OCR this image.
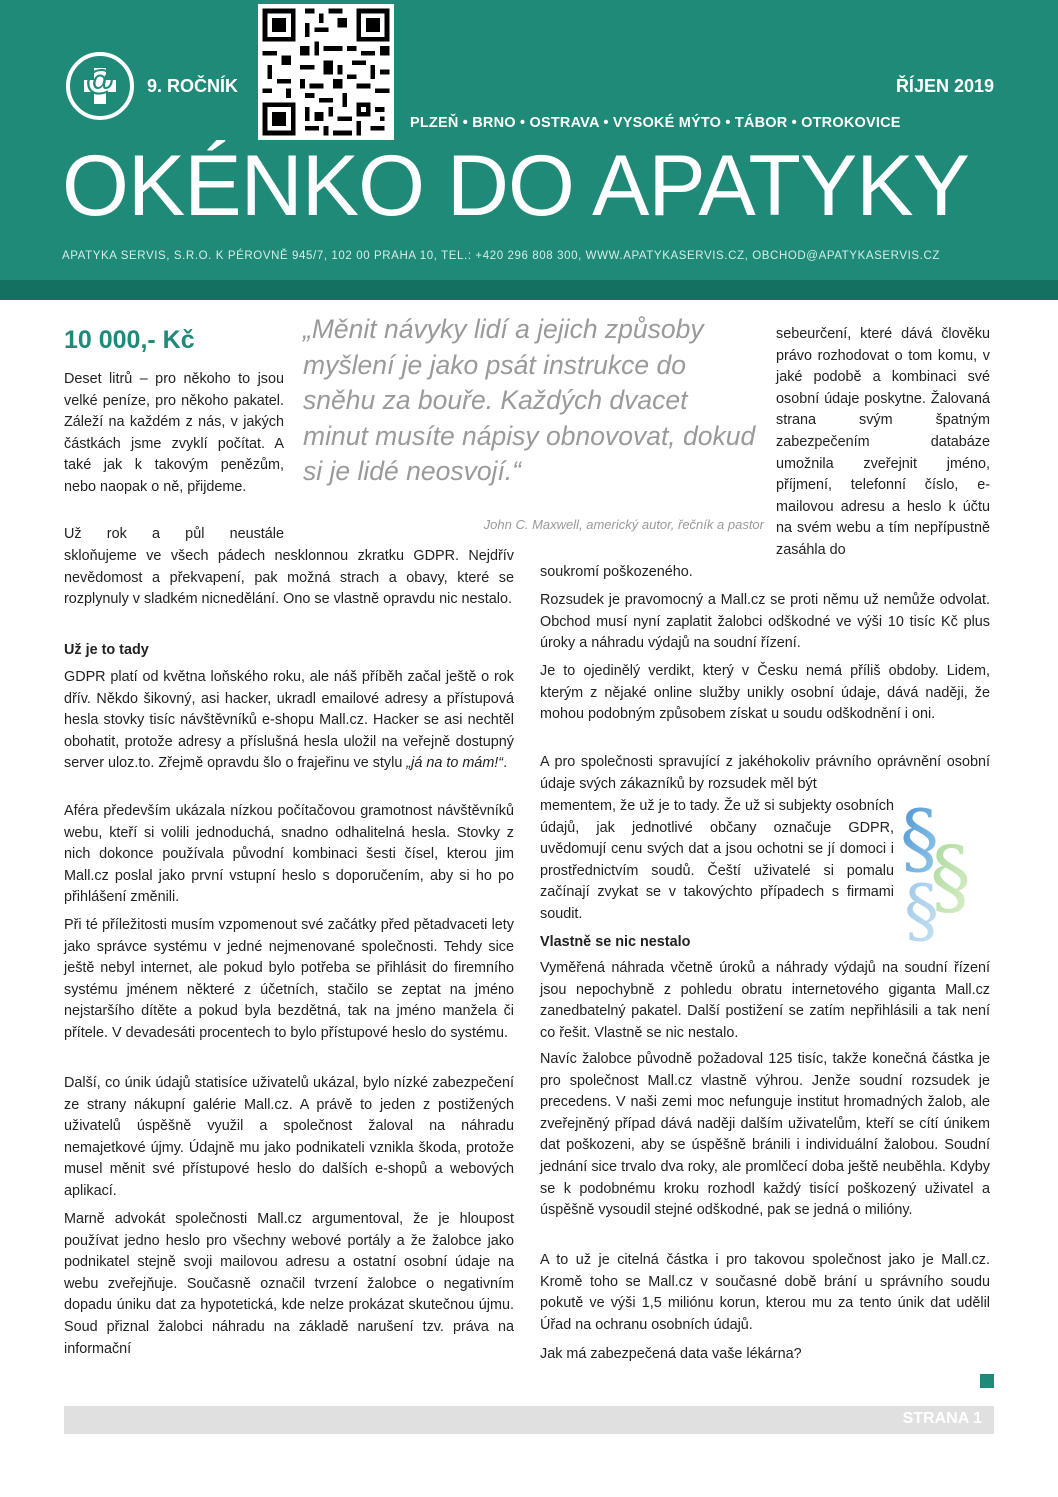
@	9. ROČNÍK	ŘÍJEN 2019
PLZEŇ • BRNO • OSTRAVA • VYSOKÉ MÝTO • TÁBOR • OTROKOVICE
OKÉNKO DO APATYKY
APATYKA SERVIS, S.R.O. K PÉROVNĚ 945/7, 102 00 PRAHA 10, TEL.: +420 296 808 300, WWW.APATYKASERVIS.CZ, OBCHOD@APATYKASERVIS.CZ
10 000,- Kč	„Měnit návyky lidí a jejich způsoby myšlení je jako psát instrukce do sněhu za bouře. Každých dvacet minut musíte nápisy obnovovat, dokud si je lidé neosvojí.“
John C. Maxwell, americký autor, řečník a pastor
Deset litrů – pro někoho to jsou velké peníze, pro někoho pakatel. Záleží na každém z nás, v jakých částkách jsme zvyklí počítat. A také jak k takovým penězům, nebo naopak o ně, přijdeme.
Už rok a půl neustále
skloňujeme ve všech pádech nesklonnou zkratku GDPR. Nejdřív nevědomost a překvapení, pak možná strach a obavy, které se rozplynuly v sladkém nicnedělání. Ono se vlastně opravdu nic nestalo.
Už je to tady
GDPR platí od května loňského roku, ale náš příběh začal ještě o rok dřív. Někdo šikovný, asi hacker, ukradl emailové adresy a přístupová hesla stovky tisíc návštěvníků e-shopu Mall.cz. Hacker se asi nechtěl obohatit, protože adresy a příslušná hesla uložil na veřejně dostupný server uloz.to. Zřejmě opravdu šlo o frajeřinu ve stylu „já na to mám!“.
Aféra především ukázala nízkou počítačovou gramotnost návštěvníků webu, kteří si volili jednoduchá, snadno odhalitelná hesla. Stovky z nich dokonce používala původní kombinaci šesti čísel, kterou jim Mall.cz poslal jako první vstupní heslo s doporučením, aby si ho po přihlášení změnili.
Při té příležitosti musím vzpomenout své začátky před pětadvaceti lety jako správce systému v jedné nejmenované společnosti. Tehdy sice ještě nebyl internet, ale pokud bylo potřeba se přihlásit do firemního systému jménem některé z účetních, stačilo se zeptat na jméno nejstaršího dítěte a pokud byla bezdětná, tak na jméno manžela či přítele. V devadesáti procentech to bylo přístupové heslo do systému.
Další, co únik údajů statisíce uživatelů ukázal, bylo nízké zabezpečení ze strany nákupní galérie Mall.cz. A právě to jeden z postižených uživatelů úspěšně využil a společnost žaloval na náhradu nemajetkové újmy. Údajně mu jako podnikateli vznikla škoda, protože musel měnit své přístupové heslo do dalších e-shopů a webových aplikací.
Marně advokát společnosti Mall.cz argumentoval, že je hloupost používat jedno heslo pro všechny webové portály a že žalobce jako podnikatel stejně svoji mailovou adresu a ostatní osobní údaje na webu zveřejňuje. Současně označil tvrzení žalobce o negativním dopadu úniku dat za hypotetická, kde nelze prokázat skutečnou újmu. Soud přiznal žalobci náhradu na základě narušení tzv. práva na informační
sebeurčení, které dává člověku právo rozhodovat o tom komu, v jaké podobě a kombinaci své osobní údaje poskytne. Žalovaná strana svým špatným zabezpečením databáze umožnila zveřejnit jméno, příjmení, telefonní číslo, e-mailovou adresu a heslo k účtu na svém webu a tím nepřípustně zasáhla do
soukromí poškozeného.
Rozsudek je pravomocný a Mall.cz se proti němu už nemůže odvolat. Obchod musí nyní zaplatit žalobci odškodné ve výši 10 tisíc Kč plus úroky a náhradu výdajů na soudní řízení.
Je to ojedinělý verdikt, který v Česku nemá příliš obdoby. Lidem, kterým z nějaké online služby unikly osobní údaje, dává naději, že mohou podobným způsobem získat u soudu odškodnění i oni.
A pro společnosti spravující z jakéhokoliv právního oprávnění osobní údaje svých zákazníků by rozsudek měl být
mementem, že už je to tady. Že už si subjekty osobních údajů, jak jednotlivé občany označuje GDPR, uvědomují cenu svých dat a jsou ochotni se jí domoci i prostřednictvím soudů. Čeští uživatelé si pomalu začínají zvykat se v takovýchto případech s firmami soudit.
§
§
§
Vlastně se nic nestalo
Vyměřená náhrada včetně úroků a náhrady výdajů na soudní řízení jsou nepochybně z pohledu obratu internetového giganta Mall.cz zanedbatelný pakatel. Další postižení se zatím nepřihlásili a tak není co řešit. Vlastně se nic nestalo.
Navíc žalobce původně požadoval 125 tisíc, takže konečná částka je pro společnost Mall.cz vlastně výhrou. Jenže soudní rozsudek je precedens. V naši zemi moc nefunguje institut hromadných žalob, ale zveřejněný případ dává naději dalším uživatelům, kteří se cítí únikem dat poškozeni, aby se úspěšně bránili i individuální žalobou. Soudní jednání sice trvalo dva roky, ale promlčecí doba ještě neuběhla. Kdyby se k podobnému kroku rozhodl každý tisící poškozený uživatel a úspěšně vysoudil stejné odškodné, pak se jedná o milióny.
A to už je citelná částka i pro takovou společnost jako je Mall.cz. Kromě toho se Mall.cz v současné době brání u správního soudu pokutě ve výši 1,5 miliónu korun, kterou mu za tento únik dat udělil Úřad na ochranu osobních údajů.
Jak má zabezpečená data vaše lékárna?
STRANA 1
